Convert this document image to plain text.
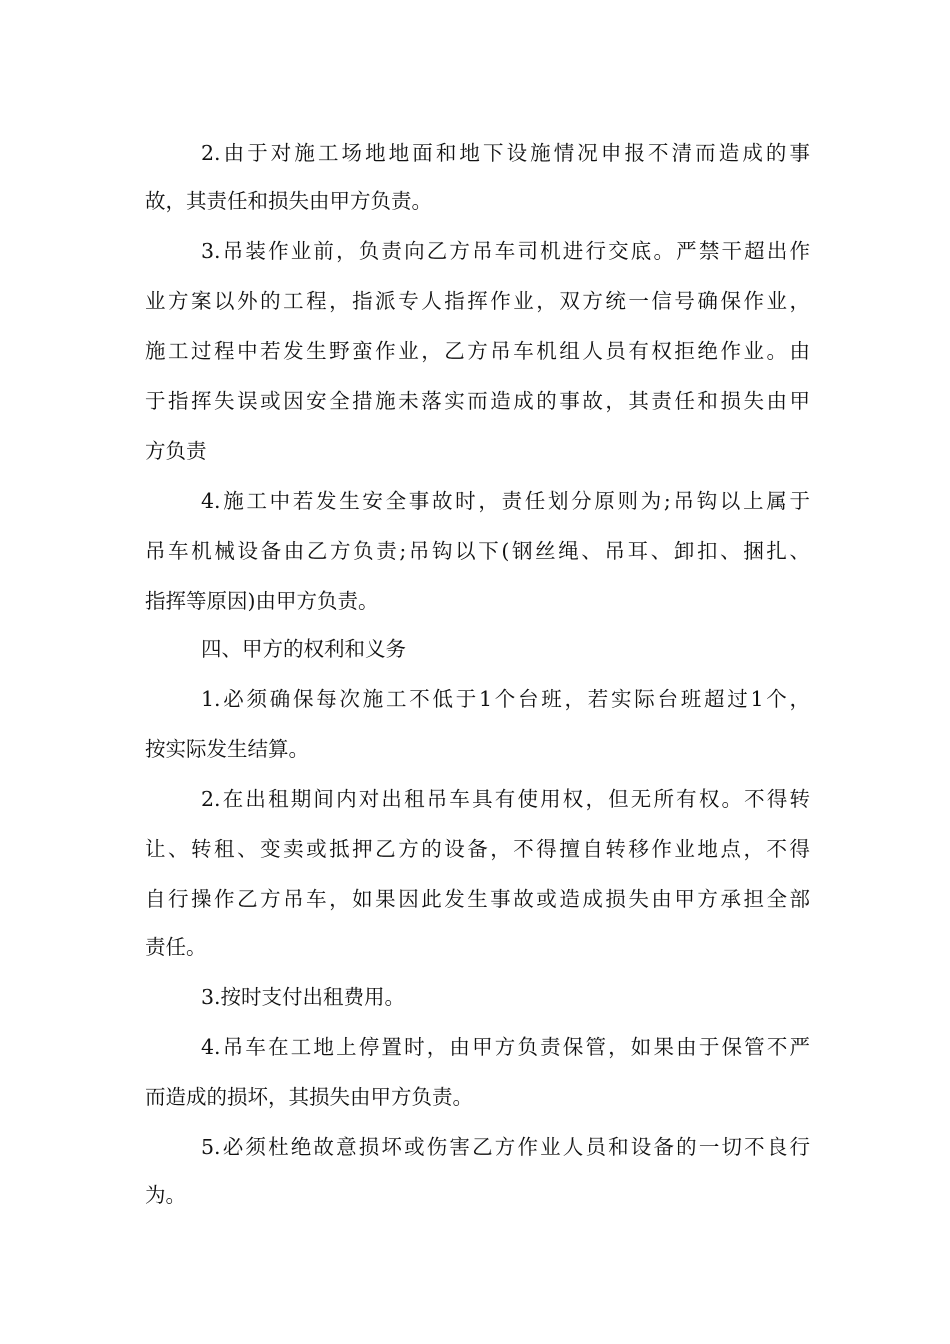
2.由于对施工场地地面和地下设施情况申报不清而造成的事
故，其责任和损失由甲方负责。
3.吊装作业前，负责向乙方吊车司机进行交底。严禁干超出作
业方案以外的工程，指派专人指挥作业，双方统一信号确保作业，
施工过程中若发生野蛮作业，乙方吊车机组人员有权拒绝作业。由
于指挥失误或因安全措施未落实而造成的事故，其责任和损失由甲
方负责
4.施工中若发生安全事故时，责任划分原则为;吊钩以上属于
吊车机械设备由乙方负责;吊钩以下(钢丝绳、吊耳、卸扣、捆扎、
指挥等原因)由甲方负责。
四、甲方的权利和义务
1.必须确保每次施工不低于1个台班，若实际台班超过1个，
按实际发生结算。
2.在出租期间内对出租吊车具有使用权，但无所有权。不得转
让、转租、变卖或抵押乙方的设备，不得擅自转移作业地点，不得
自行操作乙方吊车，如果因此发生事故或造成损失由甲方承担全部
责任。
3.按时支付出租费用。
4.吊车在工地上停置时，由甲方负责保管，如果由于保管不严
而造成的损坏，其损失由甲方负责。
5.必须杜绝故意损坏或伤害乙方作业人员和设备的一切不良行
为。
